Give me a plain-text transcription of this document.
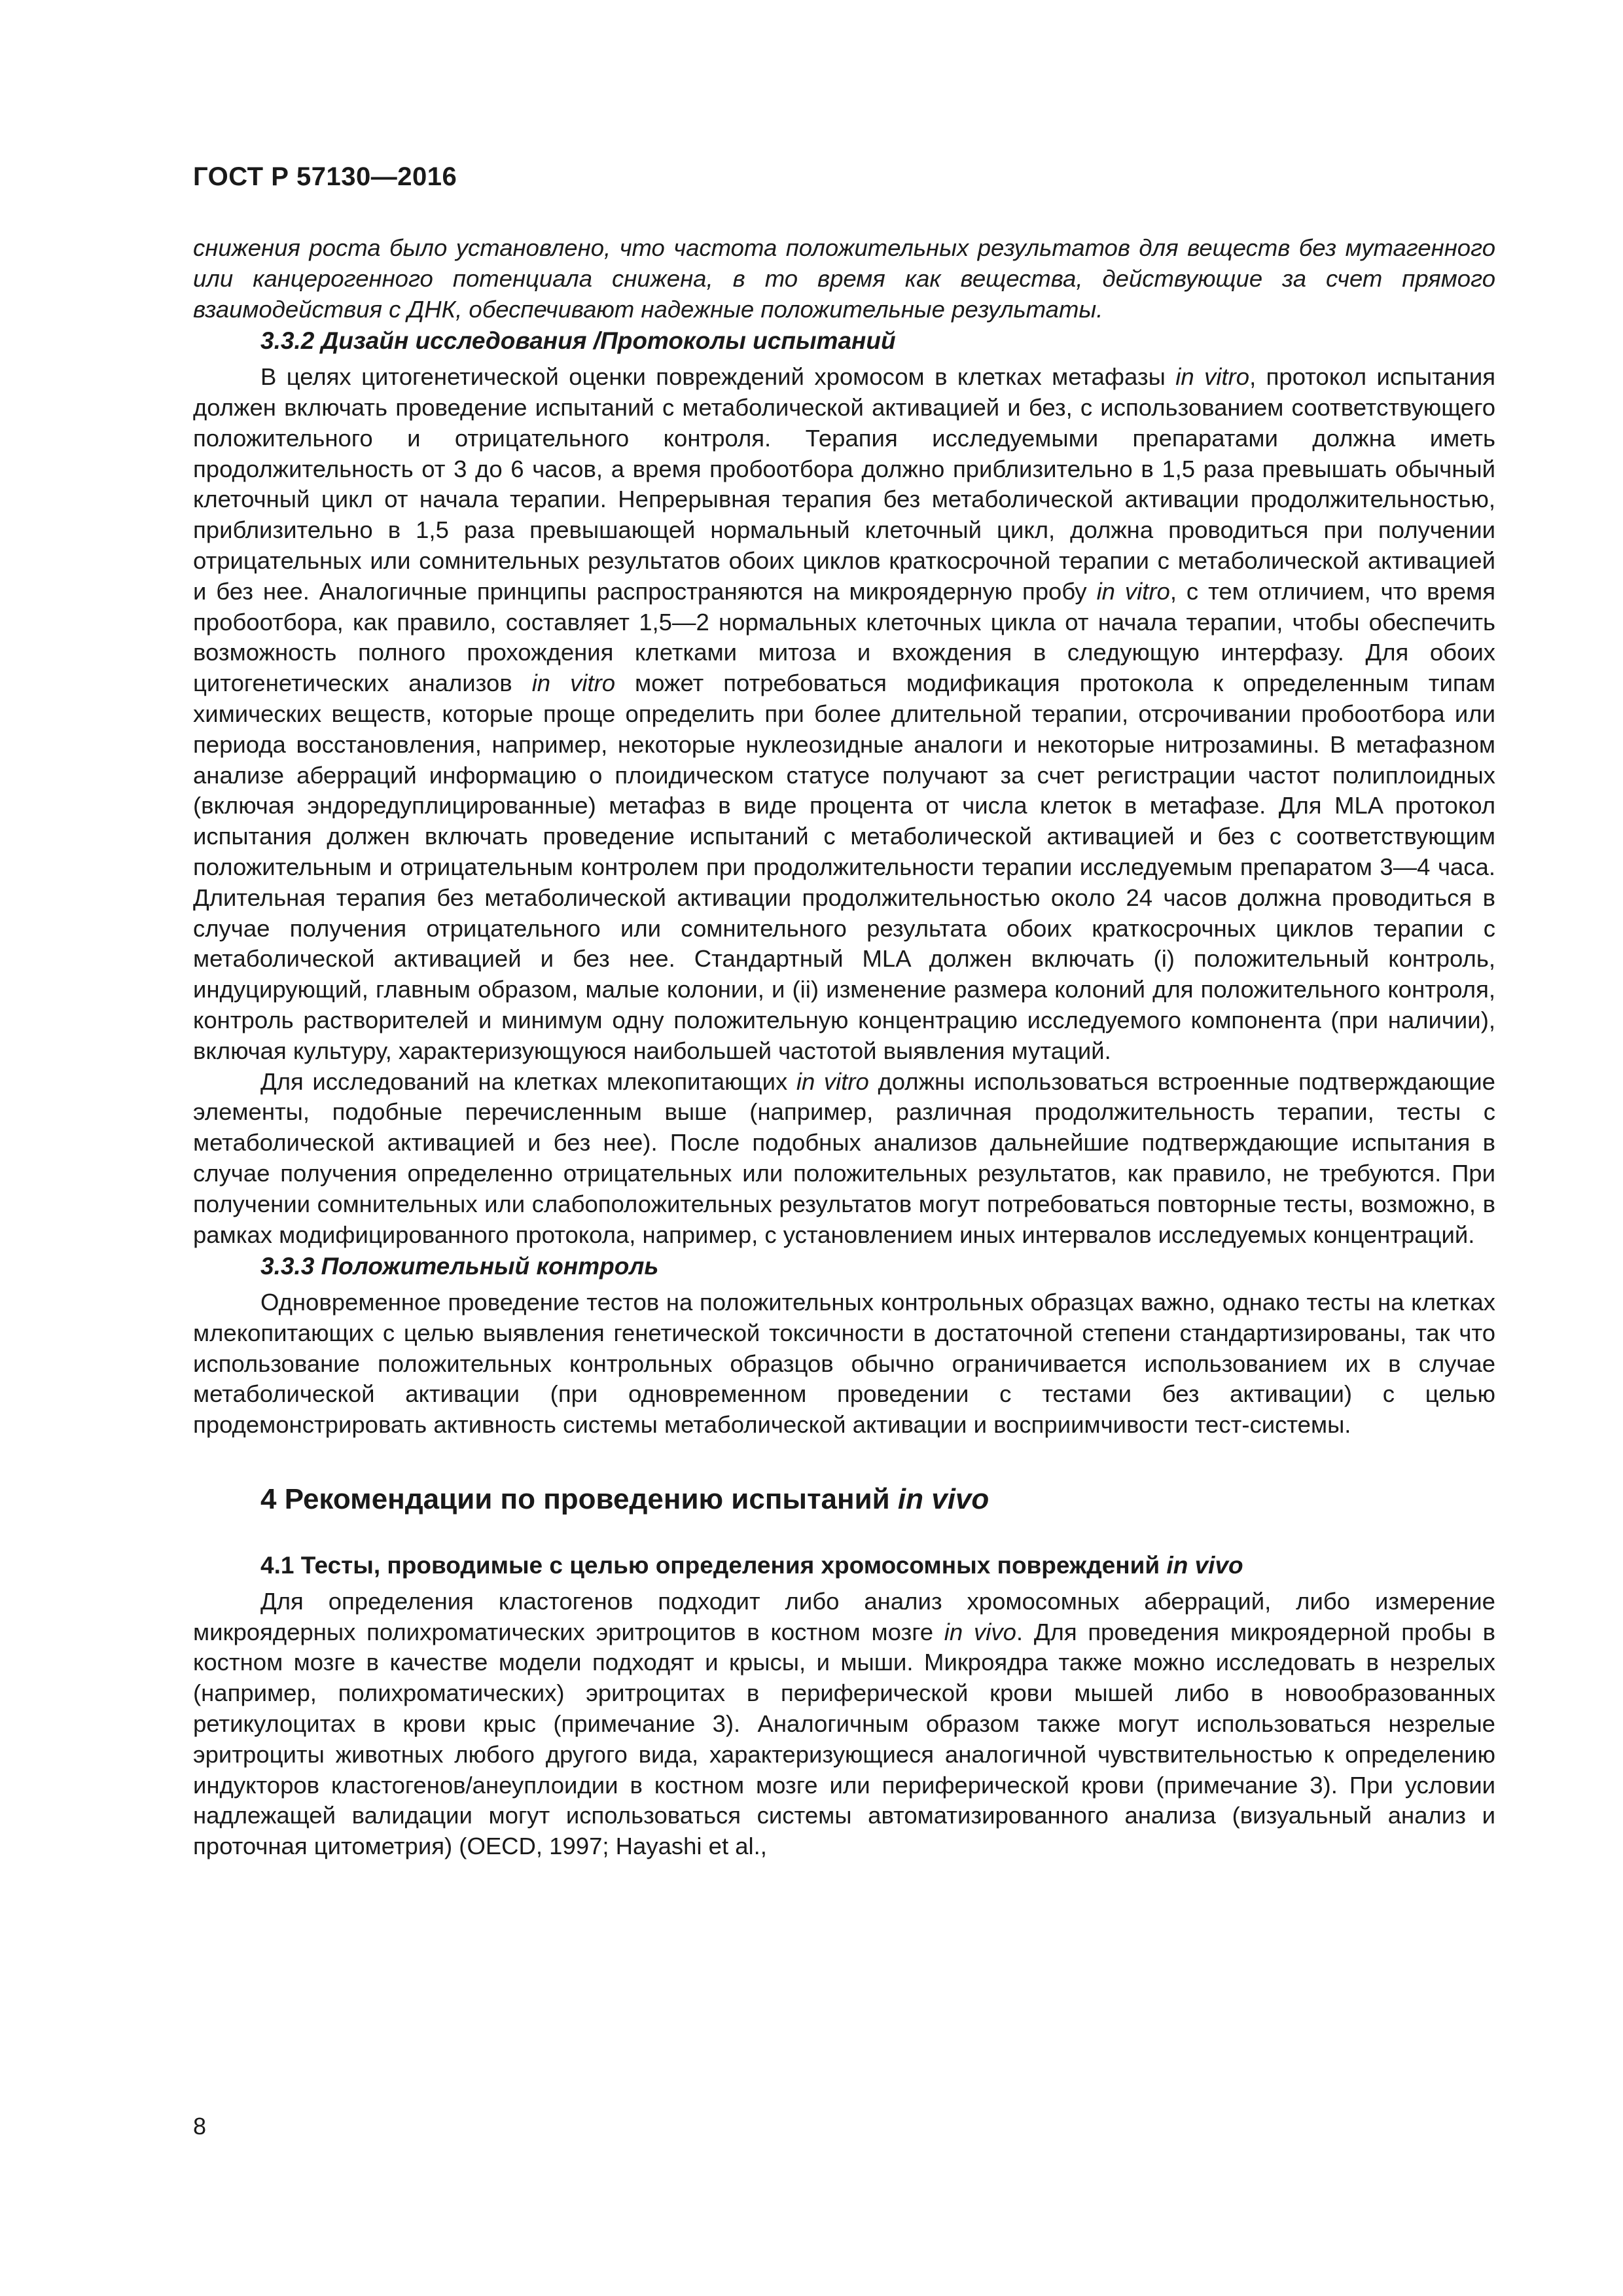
ГОСТ Р 57130—2016

снижения роста было установлено, что частота положительных результатов для веществ без мутагенного или канцерогенного потенциала снижена, в то время как вещества, действующие за счет прямого взаимодействия с ДНК, обеспечивают надежные положительные результаты.

3.3.2 Дизайн исследования /Протоколы испытаний

В целях цитогенетической оценки повреждений хромосом в клетках метафазы in vitro, протокол испытания должен включать проведение испытаний с метаболической активацией и без, с использованием соответствующего положительного и отрицательного контроля. Терапия исследуемыми препаратами должна иметь продолжительность от 3 до 6 часов, а время пробоотбора должно приблизительно в 1,5 раза превышать обычный клеточный цикл от начала терапии. Непрерывная терапия без метаболической активации продолжительностью, приблизительно в 1,5 раза превышающей нормальный клеточный цикл, должна проводиться при получении отрицательных или сомнительных результатов обоих циклов краткосрочной терапии с метаболической активацией и без нее. Аналогичные принципы распространяются на микроядерную пробу in vitro, с тем отличием, что время пробоотбора, как правило, составляет 1,5—2 нормальных клеточных цикла от начала терапии, чтобы обеспечить возможность полного прохождения клетками митоза и вхождения в следующую интерфазу. Для обоих цитогенетических анализов in vitro может потребоваться модификация протокола к определенным типам химических веществ, которые проще определить при более длительной терапии, отсрочивании пробоотбора или периода восстановления, например, некоторые нуклеозидные аналоги и некоторые нитрозамины. В метафазном анализе аберраций информацию о плоидическом статусе получают за счет регистрации частот полиплоидных (включая эндоредуплицированные) метафаз в виде процента от числа клеток в метафазе. Для MLA протокол испытания должен включать проведение испытаний с метаболической активацией и без с соответствующим положительным и отрицательным контролем при продолжительности терапии исследуемым препаратом 3—4 часа. Длительная терапия без метаболической активации продолжительностью около 24 часов должна проводиться в случае получения отрицательного или сомнительного результата обоих краткосрочных циклов терапии с метаболической активацией и без нее. Стандартный MLA должен включать (i) положительный контроль, индуцирующий, главным образом, малые колонии, и (ii) изменение размера колоний для положительного контроля, контроль растворителей и минимум одну положительную концентрацию исследуемого компонента (при наличии), включая культуру, характеризующуюся наибольшей частотой выявления мутаций.

Для исследований на клетках млекопитающих in vitro должны использоваться встроенные подтверждающие элементы, подобные перечисленным выше (например, различная продолжительность терапии, тесты с метаболической активацией и без нее). После подобных анализов дальнейшие подтверждающие испытания в случае получения определенно отрицательных или положительных результатов, как правило, не требуются. При получении сомнительных или слабоположительных результатов могут потребоваться повторные тесты, возможно, в рамках модифицированного протокола, например, с установлением иных интервалов исследуемых концентраций.

3.3.3 Положительный контроль

Одновременное проведение тестов на положительных контрольных образцах важно, однако тесты на клетках млекопитающих с целью выявления генетической токсичности в достаточной степени стандартизированы, так что использование положительных контрольных образцов обычно ограничивается использованием их в случае метаболической активации (при одновременном проведении с тестами без активации) с целью продемонстрировать активность системы метаболической активации и восприимчивости тест-системы.

4 Рекомендации по проведению испытаний in vivo

4.1 Тесты, проводимые с целью определения хромосомных повреждений in vivo

Для определения кластогенов подходит либо анализ хромосомных аберраций, либо измерение микроядерных полихроматических эритроцитов в костном мозге in vivo. Для проведения микроядерной пробы в костном мозге в качестве модели подходят и крысы, и мыши. Микроядра также можно исследовать в незрелых (например, полихроматических) эритроцитах в периферической крови мышей либо в новообразованных ретикулоцитах в крови крыс (примечание 3). Аналогичным образом также могут использоваться незрелые эритроциты животных любого другого вида, характеризующиеся аналогичной чувствительностью к определению индукторов кластогенов/анеуплоидии в костном мозге или периферической крови (примечание 3). При условии надлежащей валидации могут использоваться системы автоматизированного анализа (визуальный анализ и проточная цитометрия) (OECD, 1997; Hayashi et al.,

8
